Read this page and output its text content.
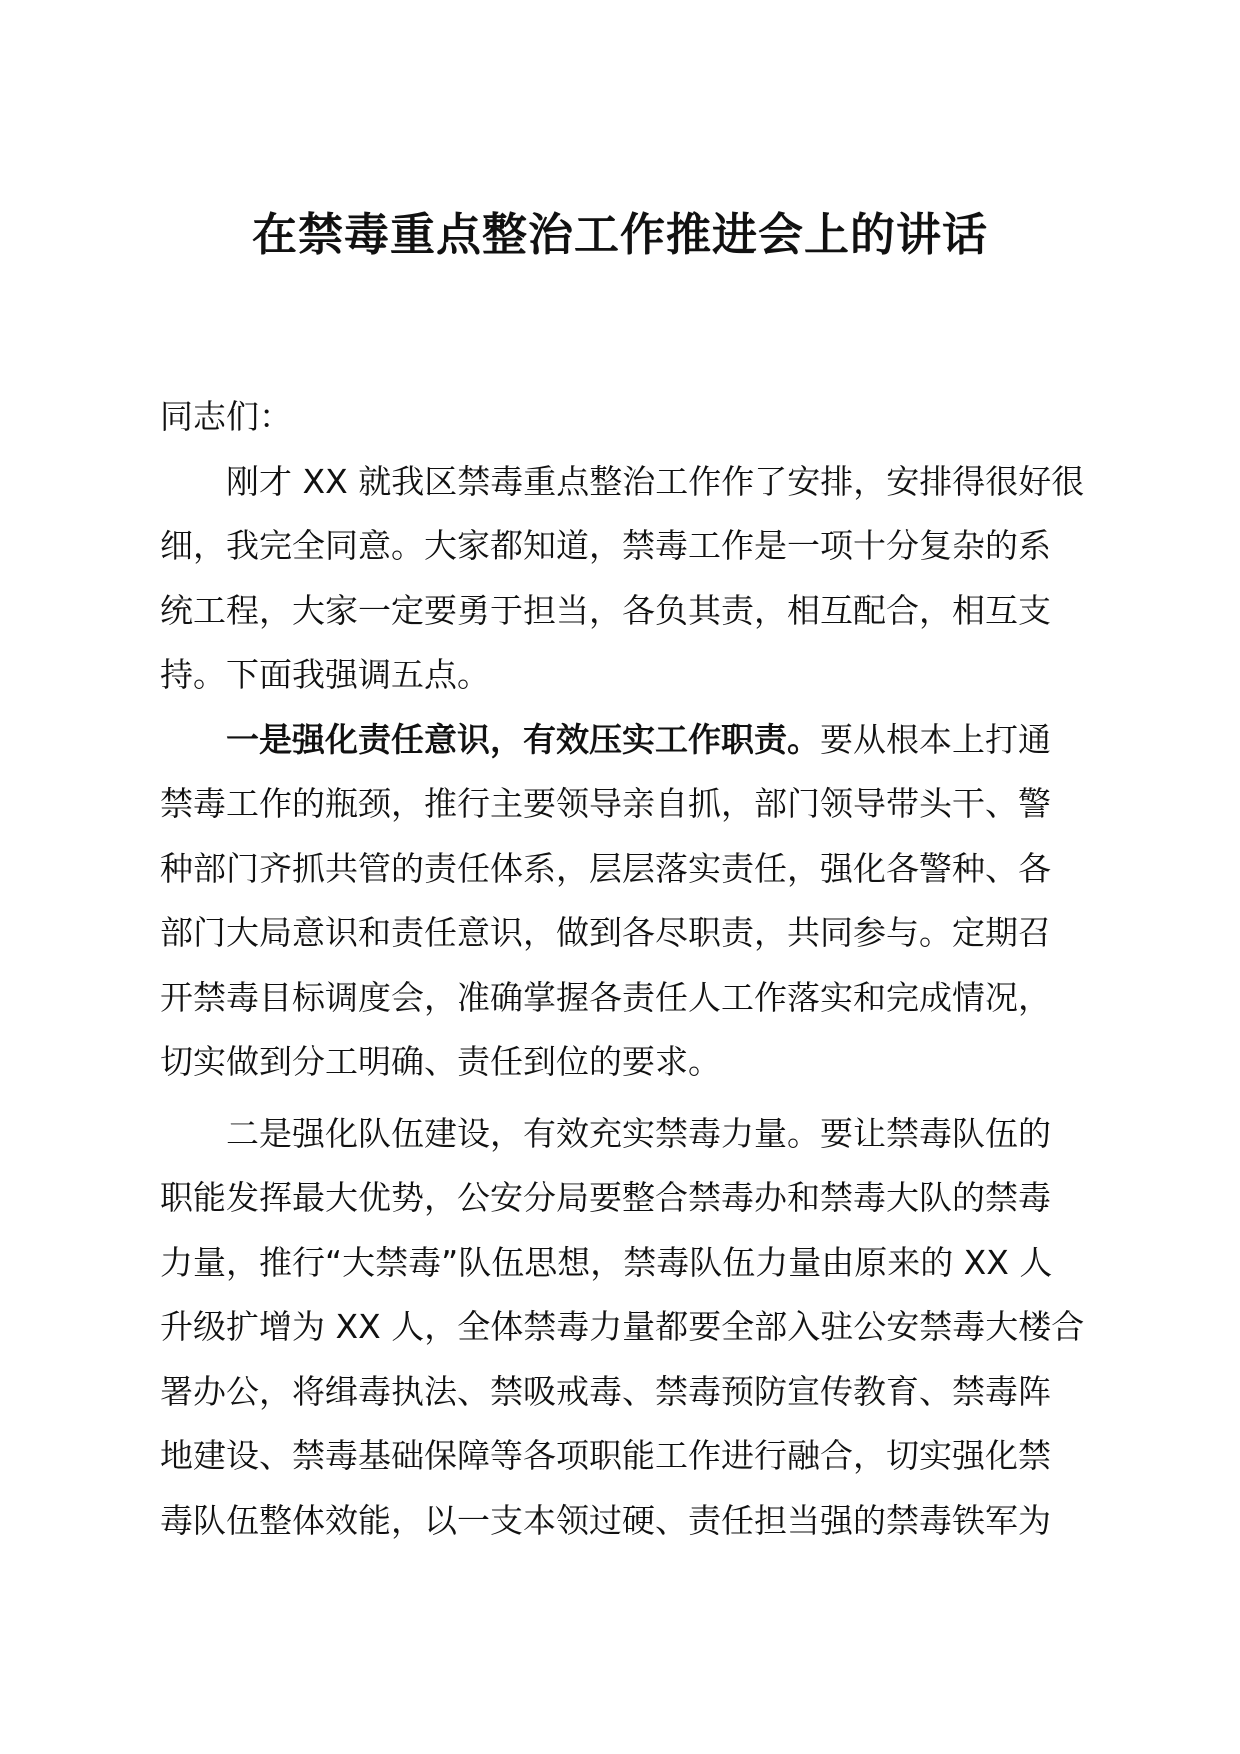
在禁毒重点整治工作推进会上的讲话
同志们：
　　刚才 XX 就我区禁毒重点整治工作作了安排，安排得很好很
细，我完全同意。大家都知道，禁毒工作是一项十分复杂的系
统工程，大家一定要勇于担当，各负其责，相互配合，相互支
持。下面我强调五点。
　　一是强化责任意识，有效压实工作职责。要从根本上打通
禁毒工作的瓶颈，推行主要领导亲自抓，部门领导带头干、警
种部门齐抓共管的责任体系，层层落实责任，强化各警种、各
部门大局意识和责任意识，做到各尽职责，共同参与。定期召
开禁毒目标调度会，准确掌握各责任人工作落实和完成情况，
切实做到分工明确、责任到位的要求。
　　二是强化队伍建设，有效充实禁毒力量。要让禁毒队伍的
职能发挥最大优势，公安分局要整合禁毒办和禁毒大队的禁毒
力量，推行“大禁毒”队伍思想，禁毒队伍力量由原来的 XX 人
升级扩增为 XX 人，全体禁毒力量都要全部入驻公安禁毒大楼合
署办公，将缉毒执法、禁吸戒毒、禁毒预防宣传教育、禁毒阵
地建设、禁毒基础保障等各项职能工作进行融合，切实强化禁
毒队伍整体效能，以一支本领过硬、责任担当强的禁毒铁军为
